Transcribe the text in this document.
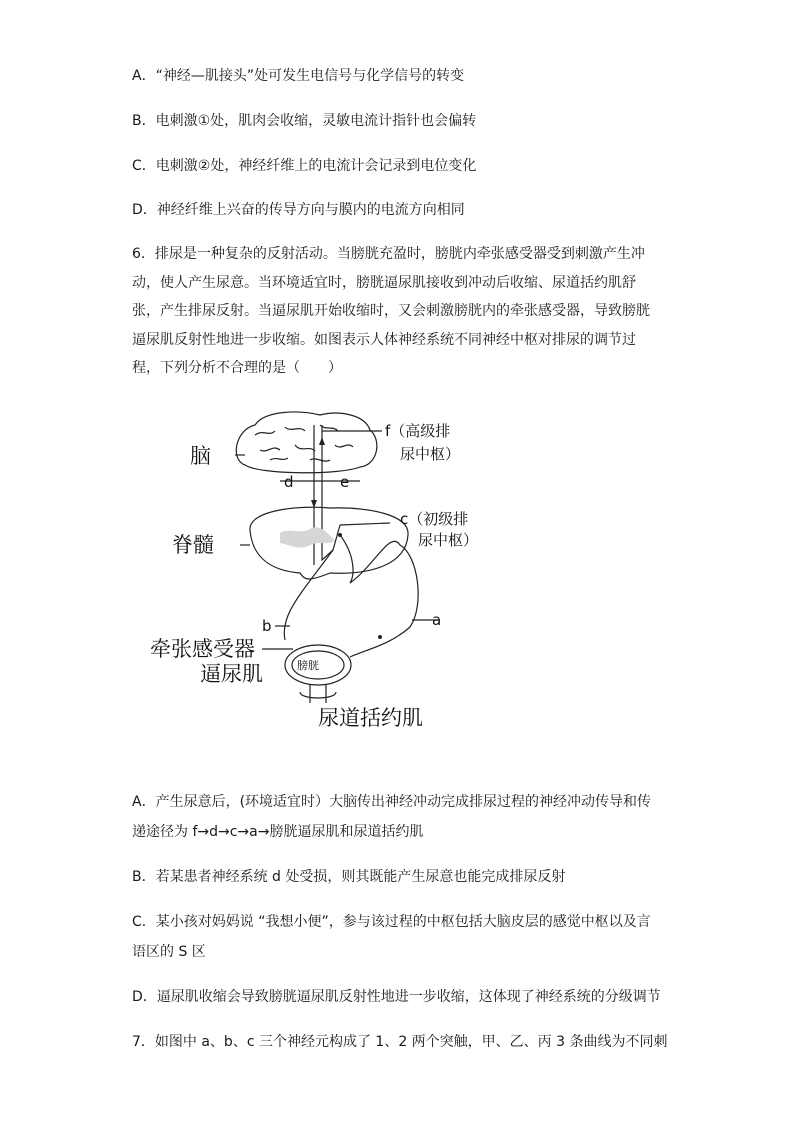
A．“神经—肌接头”处可发生电信号与化学信号的转变
B．电刺激①处，肌肉会收缩，灵敏电流计指针也会偏转
C．电刺激②处，神经纤维上的电流计会记录到电位变化
D．神经纤维上兴奋的传导方向与膜内的电流方向相同
6．排尿是一种复杂的反射活动。当膀胱充盈时，膀胱内牵张感受器受到刺激产生冲
动，使人产生尿意。当环境适宜时，膀胱逼尿肌接收到冲动后收缩、尿道括约肌舒
张，产生排尿反射。当逼尿肌开始收缩时，又会刺激膀胱内的牵张感受器，导致膀胱
逼尿肌反射性地进一步收缩。如图表示人体神经系统不同神经中枢对排尿的调节过
程，下列分析不合理的是（　　）
脑
脊髓
牵张感受器
逼尿肌	膀胱
尿道括约肌
f（高级排
尿中枢）
c（初级排
尿中枢）
d	e
a
b
A．产生尿意后，(环境适宜时）大脑传出神经冲动完成排尿过程的神经冲动传导和传
递途径为 f→d→c→a→膀胱逼尿肌和尿道括约肌
B．若某患者神经系统 d 处受损，则其既能产生尿意也能完成排尿反射
C．某小孩对妈妈说 “我想小便”，参与该过程的中枢包括大脑皮层的感觉中枢以及言
语区的 S 区
D．逼尿肌收缩会导致膀胱逼尿肌反射性地进一步收缩，这体现了神经系统的分级调节
7．如图中 a、b、c 三个神经元构成了 1、2 两个突触，甲、乙、丙 3 条曲线为不同刺
